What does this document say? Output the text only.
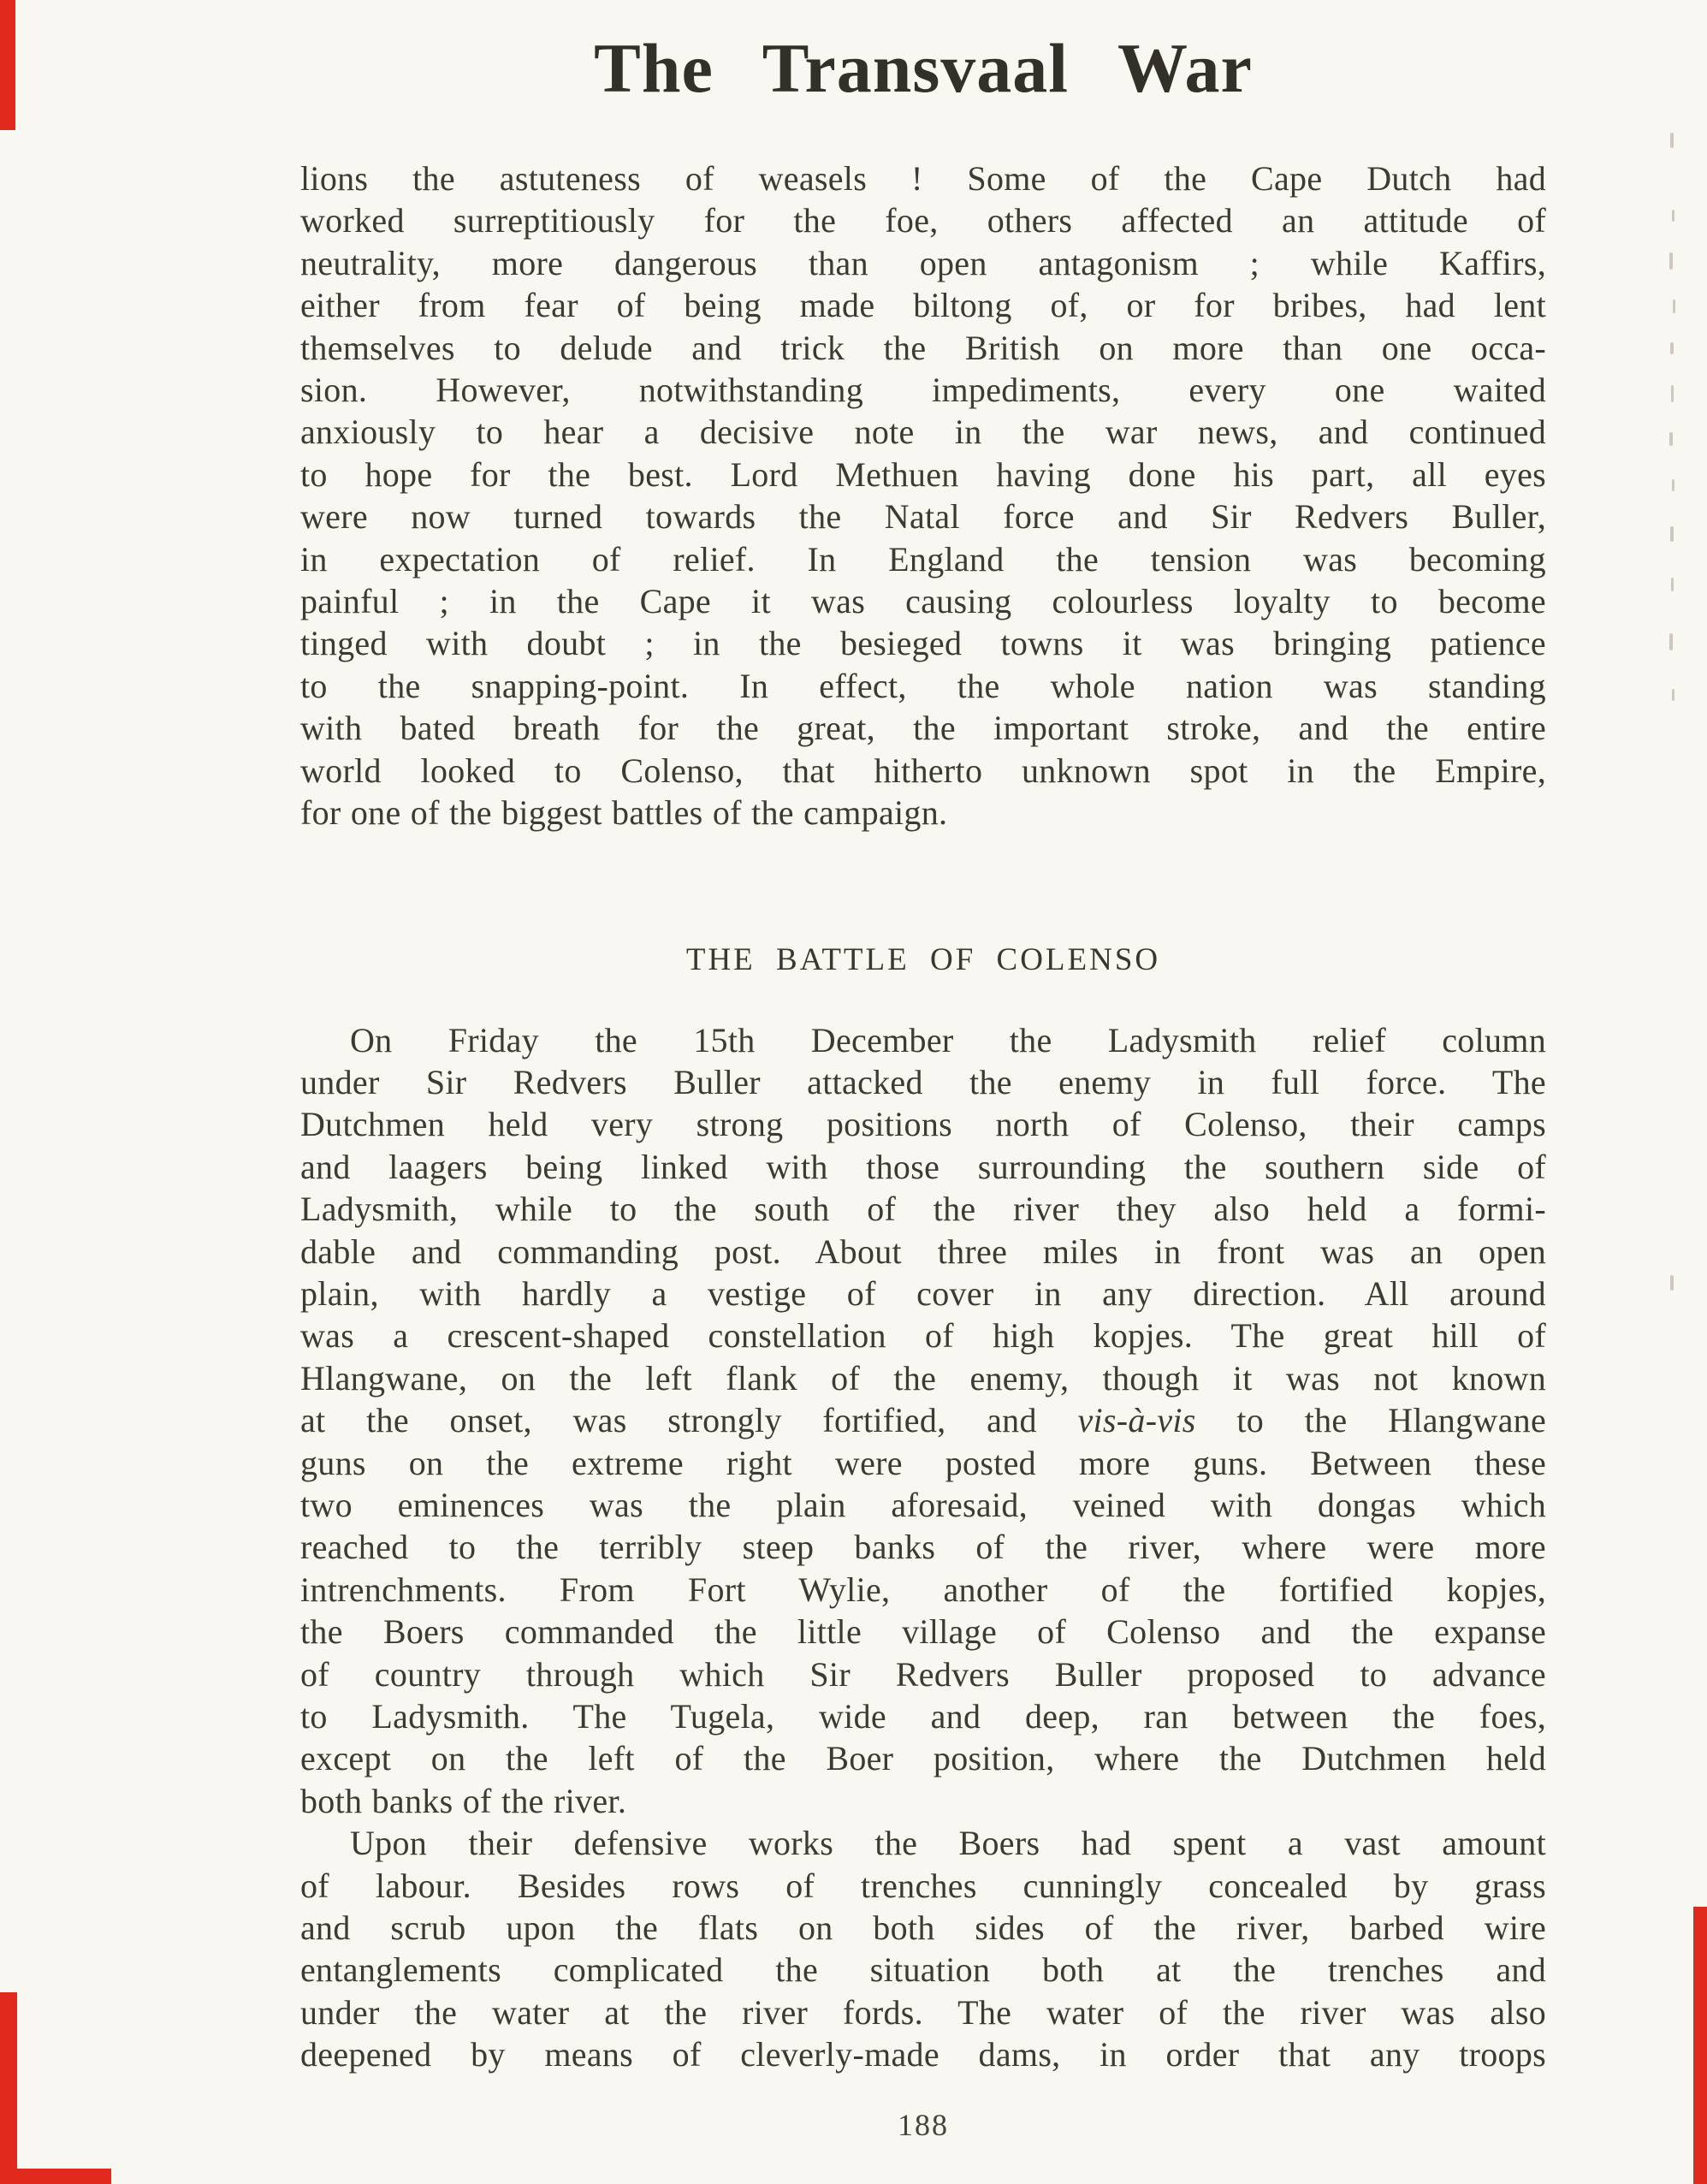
The Transvaal War
lions the astuteness of weasels ! Some of the Cape Dutch had
worked surreptitiously for the foe, others affected an attitude of
neutrality, more dangerous than open antagonism ; while Kaffirs,
either from fear of being made biltong of, or for bribes, had lent
themselves to delude and trick the British on more than one occa-
sion. However, notwithstanding impediments, every one waited
anxiously to hear a decisive note in the war news, and continued
to hope for the best. Lord Methuen having done his part, all eyes
were now turned towards the Natal force and Sir Redvers Buller,
in expectation of relief. In England the tension was becoming
painful ; in the Cape it was causing colourless loyalty to become
tinged with doubt ; in the besieged towns it was bringing patience
to the snapping-point. In effect, the whole nation was standing
with bated breath for the great, the important stroke, and the entire
world looked to Colenso, that hitherto unknown spot in the Empire,
for one of the biggest battles of the campaign.
THE BATTLE OF COLENSO
On Friday the 15th December the Ladysmith relief column
under Sir Redvers Buller attacked the enemy in full force. The
Dutchmen held very strong positions north of Colenso, their camps
and laagers being linked with those surrounding the southern side of
Ladysmith, while to the south of the river they also held a formi-
dable and commanding post. About three miles in front was an open
plain, with hardly a vestige of cover in any direction. All around
was a crescent-shaped constellation of high kopjes. The great hill of
Hlangwane, on the left flank of the enemy, though it was not known
at the onset, was strongly fortified, and vis-à-vis to the Hlangwane
guns on the extreme right were posted more guns. Between these
two eminences was the plain aforesaid, veined with dongas which
reached to the terribly steep banks of the river, where were more
intrenchments. From Fort Wylie, another of the fortified kopjes,
the Boers commanded the little village of Colenso and the expanse
of country through which Sir Redvers Buller proposed to advance
to Ladysmith. The Tugela, wide and deep, ran between the foes,
except on the left of the Boer position, where the Dutchmen held
both banks of the river.
Upon their defensive works the Boers had spent a vast amount
of labour. Besides rows of trenches cunningly concealed by grass
and scrub upon the flats on both sides of the river, barbed wire
entanglements complicated the situation both at the trenches and
under the water at the river fords. The water of the river was also
deepened by means of cleverly-made dams, in order that any troops
188
